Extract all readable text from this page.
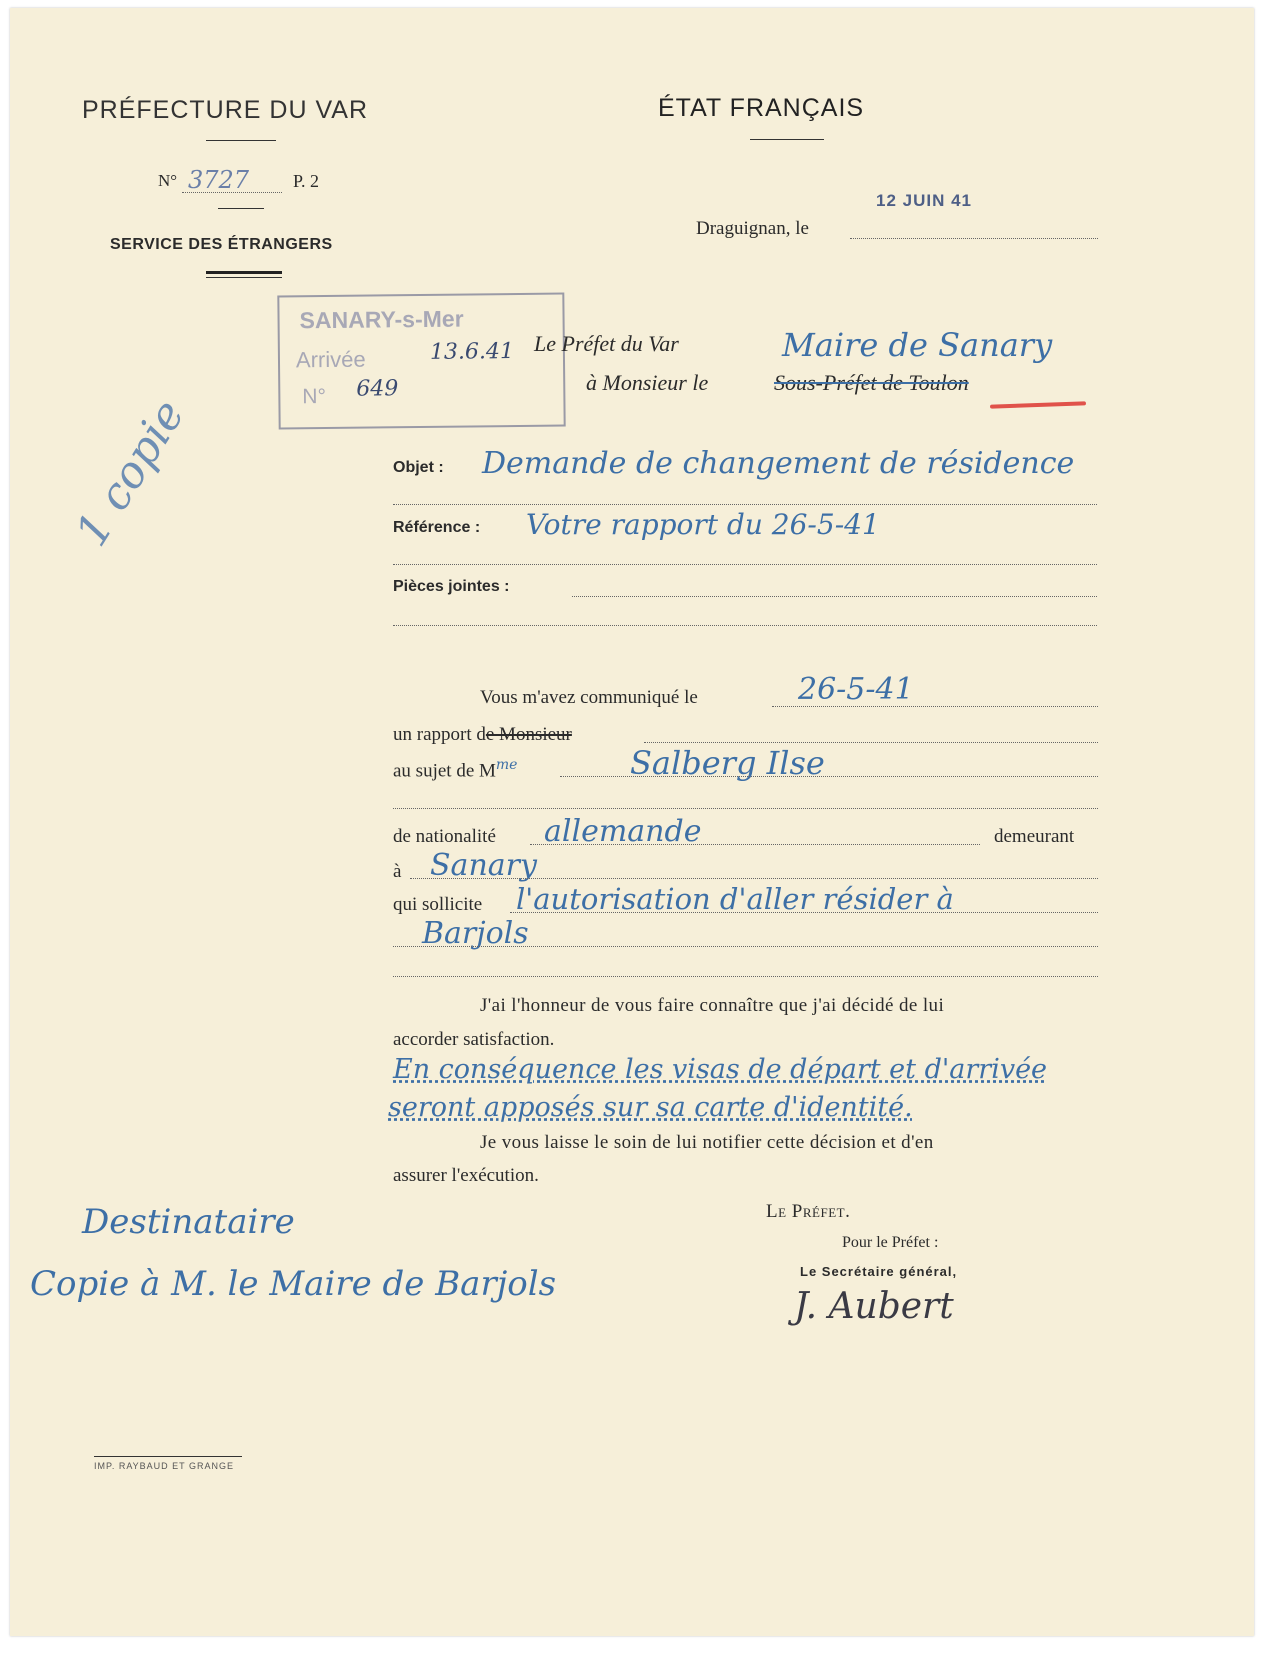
PRÉFECTURE DU VAR
N° 3727 P. 2
SERVICE DES ÉTRANGERS
ÉTAT FRANÇAIS
12 JUIN 41
Draguignan, le
SANARY-s-Mer
Arrivée	13.6.41
N° 649
1 copie
Le Préfet du Var	Maire de Sanary
à Monsieur le	Sous-Préfet de Toulon
Objet : Demande de changement de résidence
Référence : Votre rapport du 26-5-41
Pièces jointes :
Vous m'avez communiqué le	26-5-41
un rapport de Monsieur
au sujet de $M^{me}$	Salberg Ilse
de nationalité allemande	demeurant
à Sanary
qui sollicite l'autorisation d'aller résider à
Barjols
J'ai l'honneur de vous faire connaître que j'ai décidé de lui
accorder satisfaction.
En conséquence les visas de départ et d'arrivée
seront apposés sur sa carte d'identité.
Je vous laisse le soin de lui notifier cette décision et d'en
assurer l'exécution.
Le Préfet.
Pour le Préfet :
Le Secrétaire général,
J. Aubert
Destinataire
Copie à M. le Maire de Barjols
IMP. RAYBAUD ET GRANGE
